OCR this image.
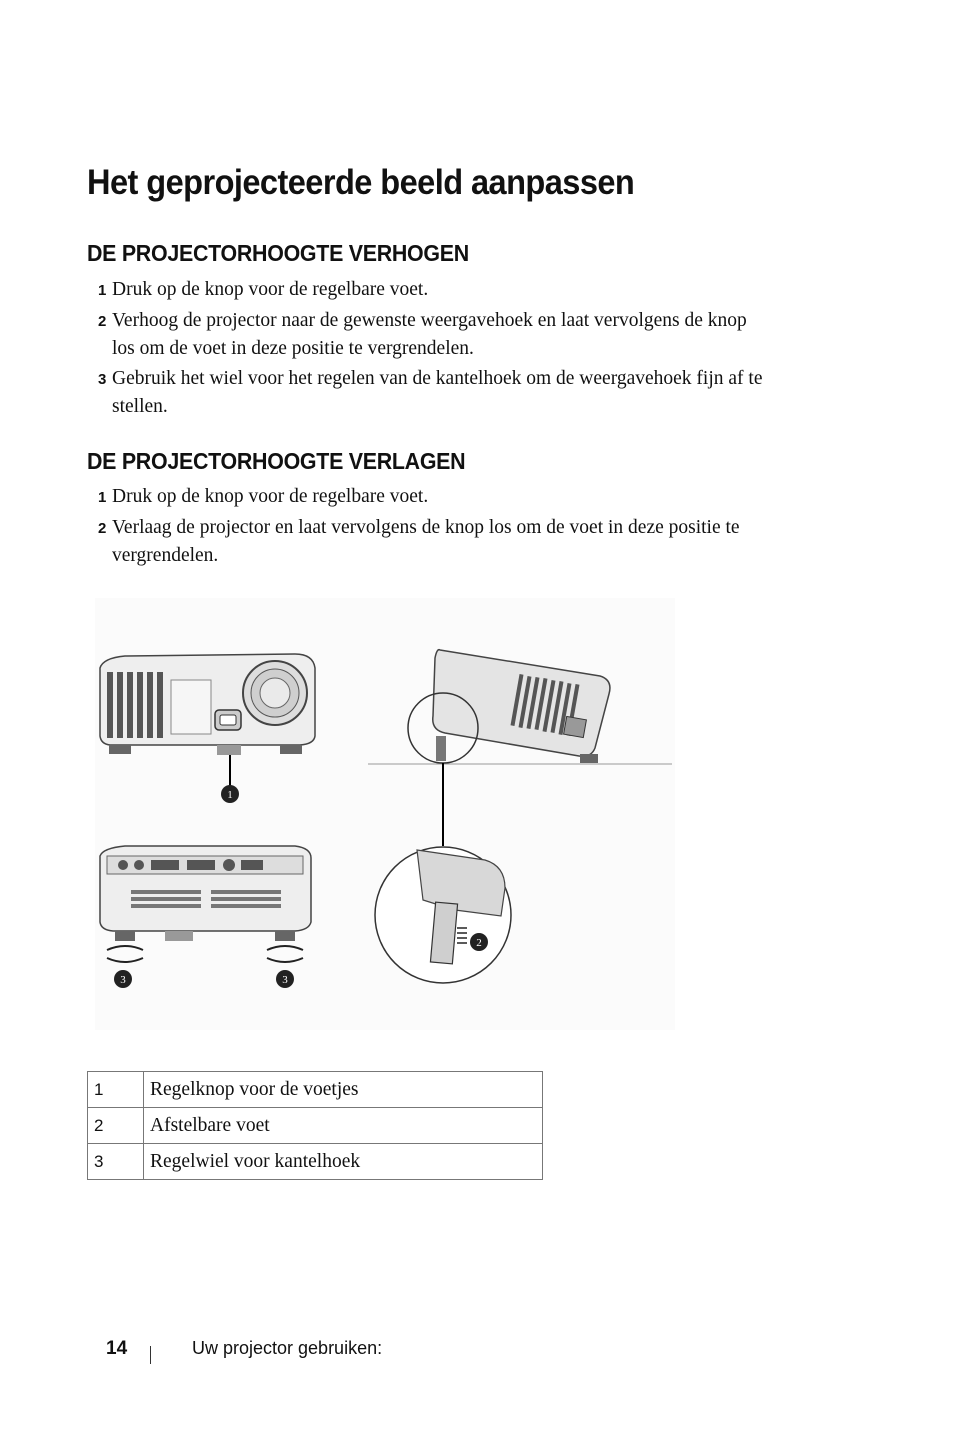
Het geprojecteerde beeld aanpassen
DE PROJECTORHOOGTE VERHOGEN
1 Druk op de knop voor de regelbare voet.
2 Verhoog de projector naar de gewenste weergavehoek en laat vervolgens de knop
los om de voet in deze positie te vergrendelen.
3 Gebruik het wiel voor het regelen van de kantelhoek om de weergavehoek fijn af te
stellen.
DE PROJECTORHOOGTE VERLAGEN
1 Druk op de knop voor de regelbare voet.
2 Verlaag de projector en laat vervolgens de knop los om de voet in deze positie te
vergrendelen.
1
3	3
2
1	Regelknop voor de voetjes
2	Afstelbare voet
3	Regelwiel voor kantelhoek
14	Uw projector gebruiken:
